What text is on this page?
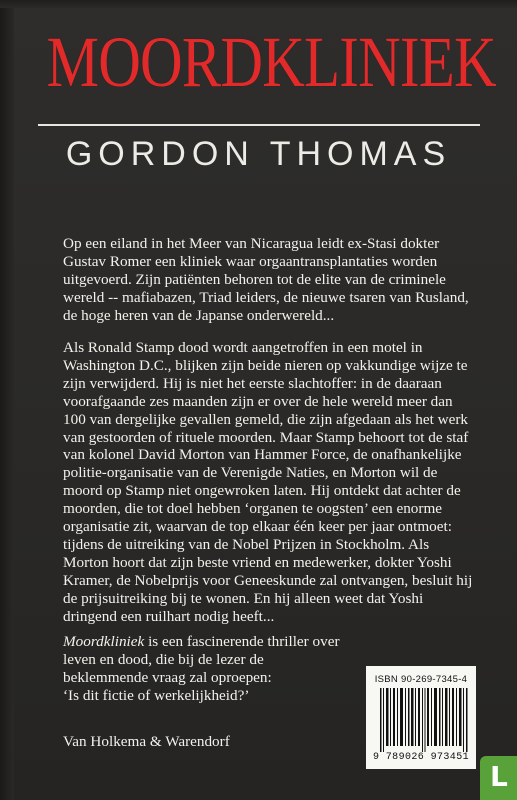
MOORDKLINIEK
GORDON THOMAS

Op een eiland in het Meer van Nicaragua leidt ex-Stasi dokter Gustav Romer een kliniek waar orgaantransplantaties worden uitgevoerd. Zijn patiënten behoren tot de elite van de criminele wereld -- mafiabazen, Triad leiders, de nieuwe tsaren van Rusland, de hoge heren van de Japanse onderwereld...

Als Ronald Stamp dood wordt aangetroffen in een motel in Washington D.C., blijken zijn beide nieren op vakkundige wijze te zijn verwijderd. Hij is niet het eerste slachtoffer: in de daaraan voorafgaande zes maanden zijn er over de hele wereld meer dan 100 van dergelijke gevallen gemeld, die zijn afgedaan als het werk van gestoorden of rituele moorden. Maar Stamp behoort tot de staf van kolonel David Morton van Hammer Force, de onafhankelijke politie-organisatie van de Verenigde Naties, en Morton wil de moord op Stamp niet ongewroken laten. Hij ontdekt dat achter de moorden, die tot doel hebben ‘organen te oogsten’ een enorme organisatie zit, waarvan de top elkaar één keer per jaar ontmoet: tijdens de uitreiking van de Nobel Prijzen in Stockholm. Als Morton hoort dat zijn beste vriend en medewerker, dokter Yoshi Kramer, de Nobelprijs voor Geneeskunde zal ontvangen, besluit hij de prijsuitreiking bij te wonen. En hij alleen weet dat Yoshi dringend een ruilhart nodig heeft...

Moordkliniek is een fascinerende thriller over leven en dood, die bij de lezer de beklemmende vraag zal oproepen:
‘Is dit fictie of werkelijkheid?’

Van Holkema & Warendorf
ISBN 90-269-7345-4
9 789026 973451
L
